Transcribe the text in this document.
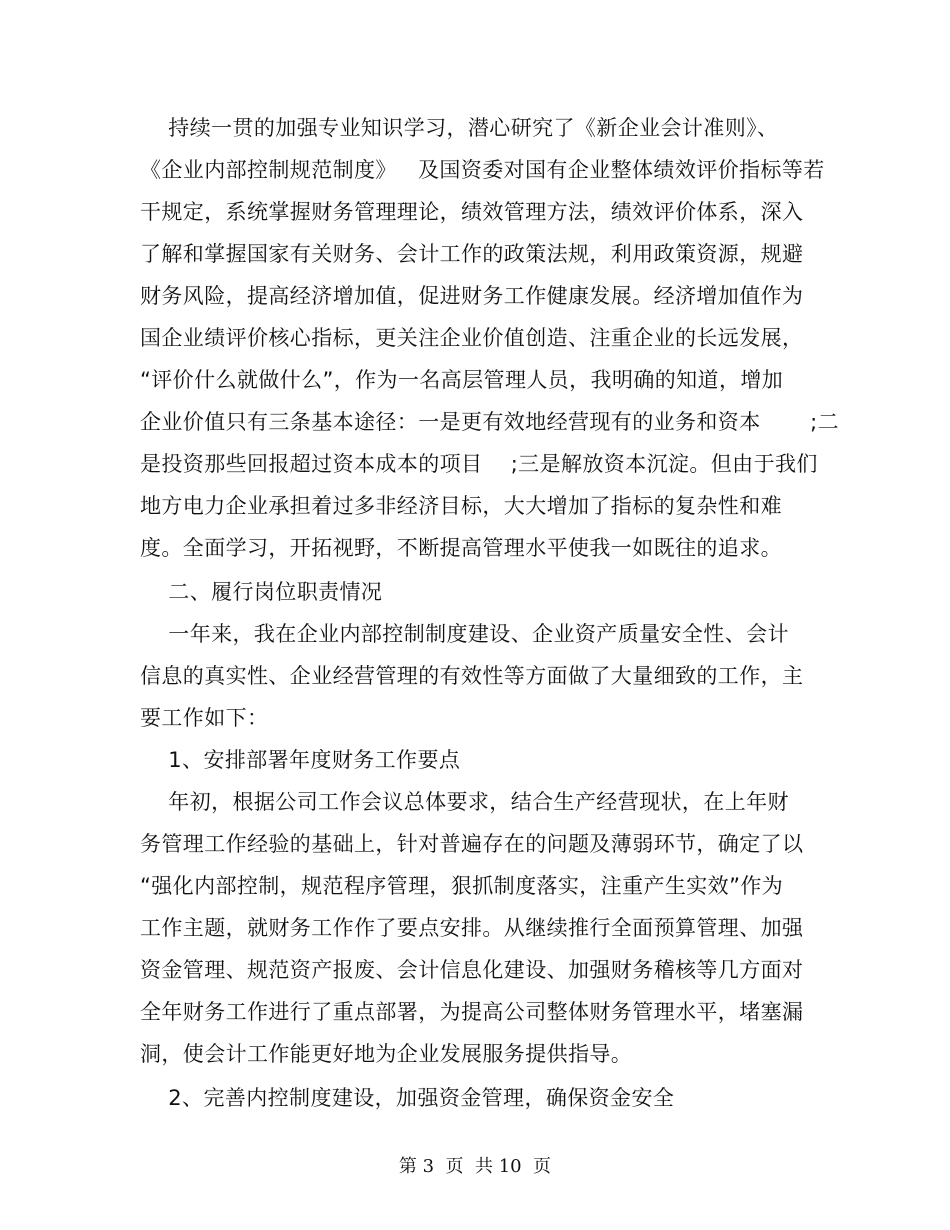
持续一贯的加强专业知识学习，潜心研究了《新企业会计准则》、
《企业内部控制规范制度》   及国资委对国有企业整体绩效评价指标等若
干规定，系统掌握财务管理理论，绩效管理方法，绩效评价体系，深入
了解和掌握国家有关财务、会计工作的政策法规，利用政策资源，规避
财务风险，提高经济增加值，促进财务工作健康发展。经济增加值作为
国企业绩评价核心指标，更关注企业价值创造、注重企业的长远发展，
“评价什么就做什么”，作为一名高层管理人员，我明确的知道，增加
企业价值只有三条基本途径：一是更有效地经营现有的业务和资本       ;二
是投资那些回报超过资本成本的项目    ;三是解放资本沉淀。但由于我们
地方电力企业承担着过多非经济目标，大大增加了指标的复杂性和难
度。全面学习，开拓视野，不断提高管理水平使我一如既往的追求。
二、履行岗位职责情况
一年来，我在企业内部控制制度建设、企业资产质量安全性、会计
信息的真实性、企业经营管理的有效性等方面做了大量细致的工作，主
要工作如下：
1、安排部署年度财务工作要点
年初，根据公司工作会议总体要求，结合生产经营现状，在上年财
务管理工作经验的基础上，针对普遍存在的问题及薄弱环节，确定了以
“强化内部控制，规范程序管理，狠抓制度落实，注重产生实效”作为
工作主题，就财务工作作了要点安排。从继续推行全面预算管理、加强
资金管理、规范资产报废、会计信息化建设、加强财务稽核等几方面对
全年财务工作进行了重点部署，为提高公司整体财务管理水平，堵塞漏
洞，使会计工作能更好地为企业发展服务提供指导。
2、完善内控制度建设，加强资金管理，确保资金安全
第 3  页  共 10  页
